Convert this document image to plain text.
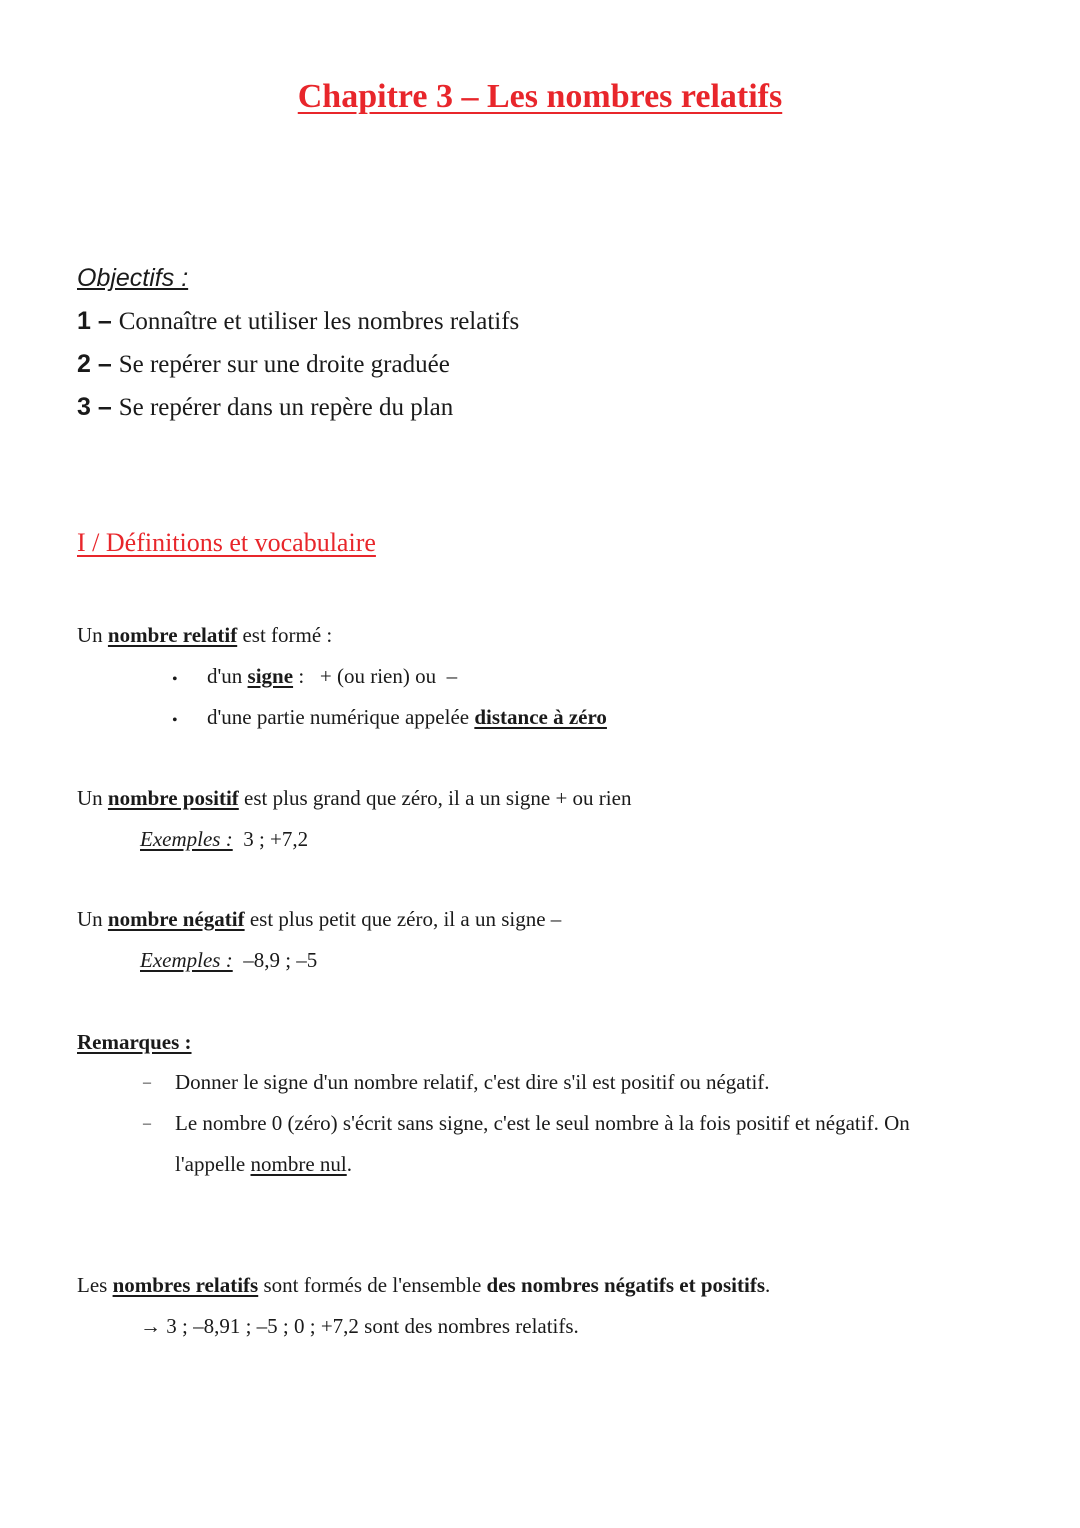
Chapitre 3 – Les nombres relatifs
Objectifs :
1 – Connaître et utiliser les nombres relatifs
2 – Se repérer sur une droite graduée
3 – Se repérer dans un repère du plan
I / Définitions et vocabulaire
Un nombre relatif est formé :
• d'un signe :   + (ou rien) ou  –
• d'une partie numérique appelée distance à zéro
Un nombre positif est plus grand que zéro, il a un signe + ou rien
Exemples :  3 ; +7,2
Un nombre négatif est plus petit que zéro, il a un signe –
Exemples :  –8,9 ; –5
Remarques :
– Donner le signe d'un nombre relatif, c'est dire s'il est positif ou négatif.
– Le nombre 0 (zéro) s'écrit sans signe, c'est le seul nombre à la fois positif et négatif. On
l'appelle nombre nul.
Les nombres relatifs sont formés de l'ensemble des nombres négatifs et positifs.
→ 3 ; –8,91 ; –5 ; 0 ; +7,2 sont des nombres relatifs.
